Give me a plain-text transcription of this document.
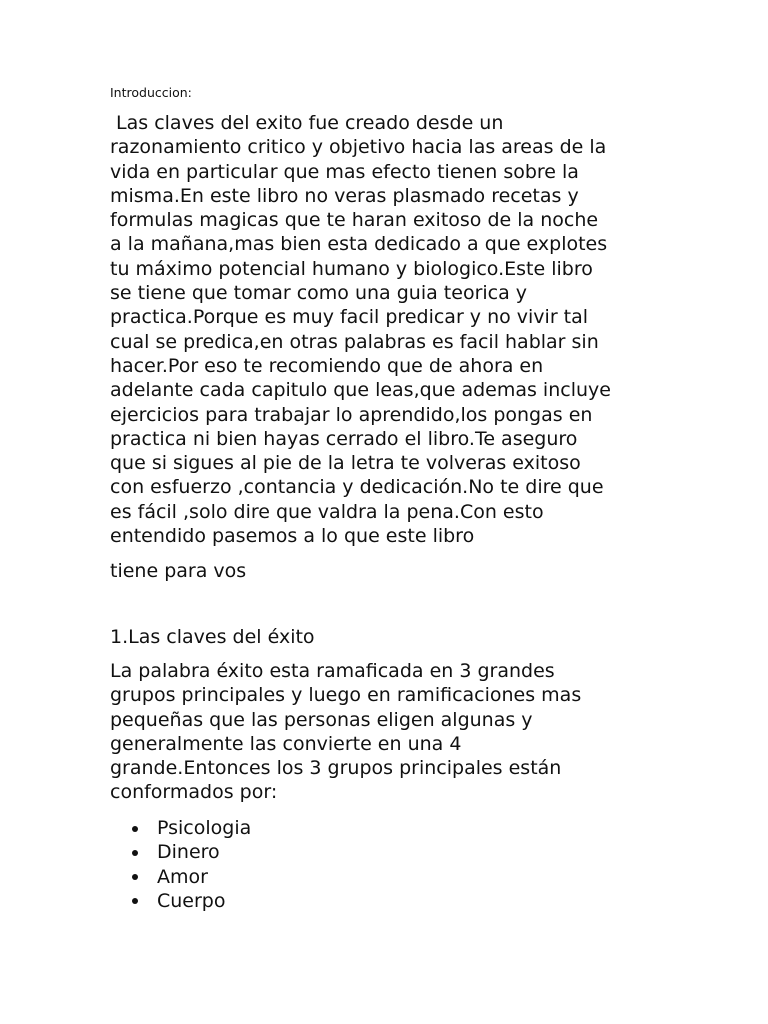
Introduccion:

Las claves del exito fue creado desde un
razonamiento critico y objetivo hacia las areas de la
vida en particular que mas efecto tienen sobre la
misma.En este libro no veras plasmado recetas y
formulas magicas que te haran exitoso de la noche
a la mañana,mas bien esta dedicado a que explotes
tu máximo potencial humano y biologico.Este libro
se tiene que tomar como una guia teorica y
practica.Porque es muy facil predicar y no vivir tal
cual se predica,en otras palabras es facil hablar sin
hacer.Por eso te recomiendo que de ahora en
adelante cada capitulo que leas,que ademas incluye
ejercicios para trabajar lo aprendido,los pongas en
practica ni bien hayas cerrado el libro.Te aseguro
que si sigues al pie de la letra te volveras exitoso
con esfuerzo ,contancia y dedicación.No te dire que
es fácil ,solo dire que valdra la pena.Con esto
entendido pasemos a lo que este libro

tiene para vos

1.Las claves del éxito

La palabra éxito esta ramaficada en 3 grandes
grupos principales y luego en ramificaciones mas
pequeñas que las personas eligen algunas y
generalmente las convierte en una 4
grande.Entonces los 3 grupos principales están
conformados por:
Psicologia
Dinero
Amor
Cuerpo
